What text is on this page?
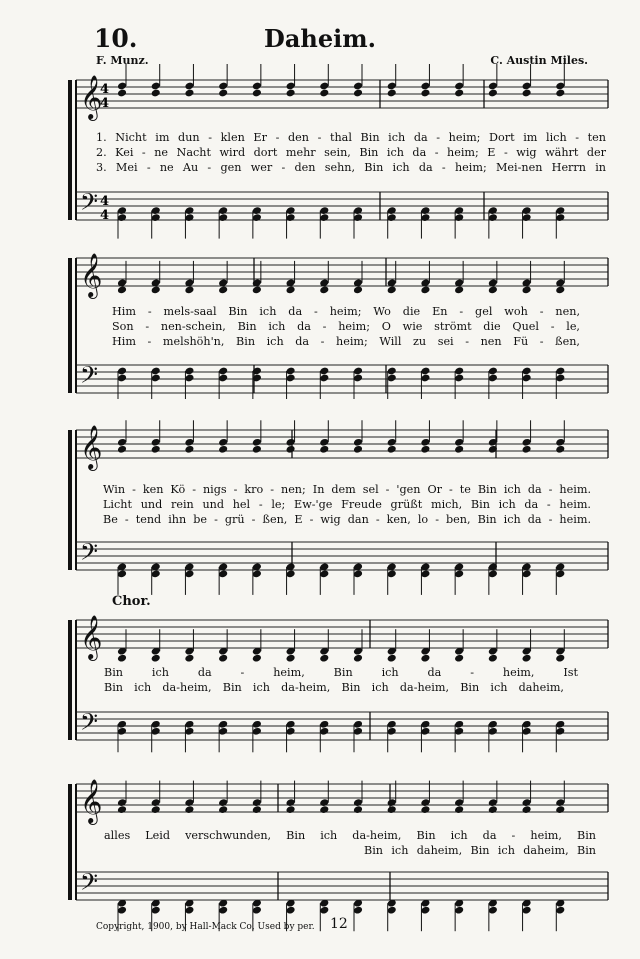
10.	Daheim.
F. Munz.	C. Austin Miles.
𝄞
𝄢
𝄞
𝄢
𝄞
𝄢
𝄞
𝄢
𝄞
𝄢
4
4
4
4
1. Nicht im dun - klen Er - den - thal Bin ich da - heim; Dort im lich - ten
2. Kei - ne Nacht wird dort mehr sein, Bin ich da - heim; E - wig währt der
3. Mei - ne Au - gen wer - den sehn, Bin ich da - heim; Mei-nen Herrn in
Him - mels-saal Bin ich da - heim; Wo die En - gel woh - nen,
Son - nen-schein, Bin ich da - heim; O wie strömt die Quel - le,
Him - melshöh'n, Bin ich da - heim; Will zu sei - nen Fü - ßen,
Win - ken Kö - nigs - kro - nen; In dem sel - 'gen Or - te Bin ich da - heim.
Licht und rein und hel - le; Ew-'ge Freude grüßt mich, Bin ich da - heim.
Be - tend ihn be - grü - ßen, E - wig dan - ken, lo - ben, Bin ich da - heim.
Chor.
Bin ich da - heim, Bin ich da - heim, Ist
Bin ich da-heim, Bin ich da-heim, Bin ich da-heim, Bin ich daheim,
alles Leid verschwunden, Bin ich da-heim, Bin ich da - heim, Bin
Bin ich daheim, Bin ich daheim, Bin
Copyright, 1900, by Hall-Mack Co, Used by per. 12
